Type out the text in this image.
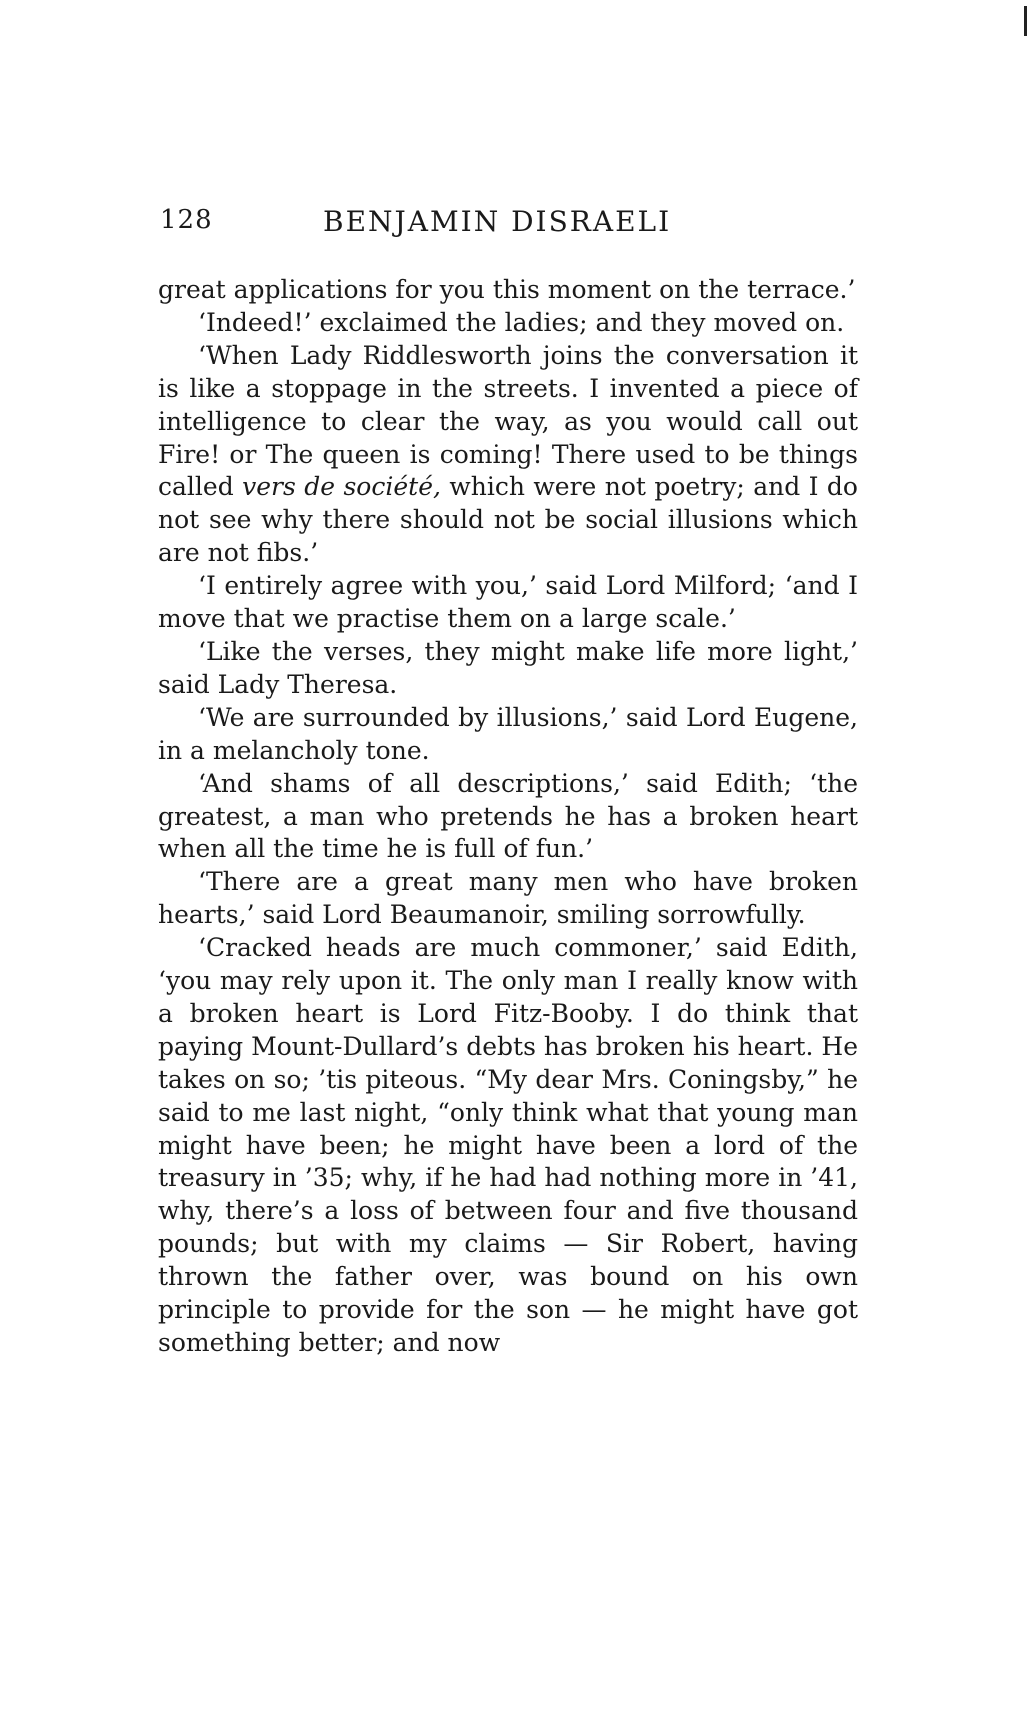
128	BENJAMIN DISRAELI

great applications for you this moment on the terrace.’

‘Indeed!’ exclaimed the ladies; and they moved on.

‘When Lady Riddlesworth joins the conversation it is like a stoppage in the streets. I invented a piece of intelligence to clear the way, as you would call out Fire! or The queen is coming! There used to be things called vers de société, which were not poetry; and I do not see why there should not be social illusions which are not fibs.’

‘I entirely agree with you,’ said Lord Milford; ‘and I move that we practise them on a large scale.’

‘Like the verses, they might make life more light,’ said Lady Theresa.

‘We are surrounded by illusions,’ said Lord Eugene, in a melancholy tone.

‘And shams of all descriptions,’ said Edith; ‘the greatest, a man who pretends he has a broken heart when all the time he is full of fun.’

‘There are a great many men who have broken hearts,’ said Lord Beaumanoir, smiling sorrowfully.

‘Cracked heads are much commoner,’ said Edith, ‘you may rely upon it. The only man I really know with a broken heart is Lord Fitz-Booby. I do think that paying Mount-Dullard’s debts has broken his heart. He takes on so; ’tis piteous. “My dear Mrs. Coningsby,” he said to me last night, “only think what that young man might have been; he might have been a lord of the treasury in ’35; why, if he had had nothing more in ’41, why, there’s a loss of between four and five thousand pounds; but with my claims — Sir Robert, having thrown the father over, was bound on his own principle to provide for the son — he might have got something better; and now
